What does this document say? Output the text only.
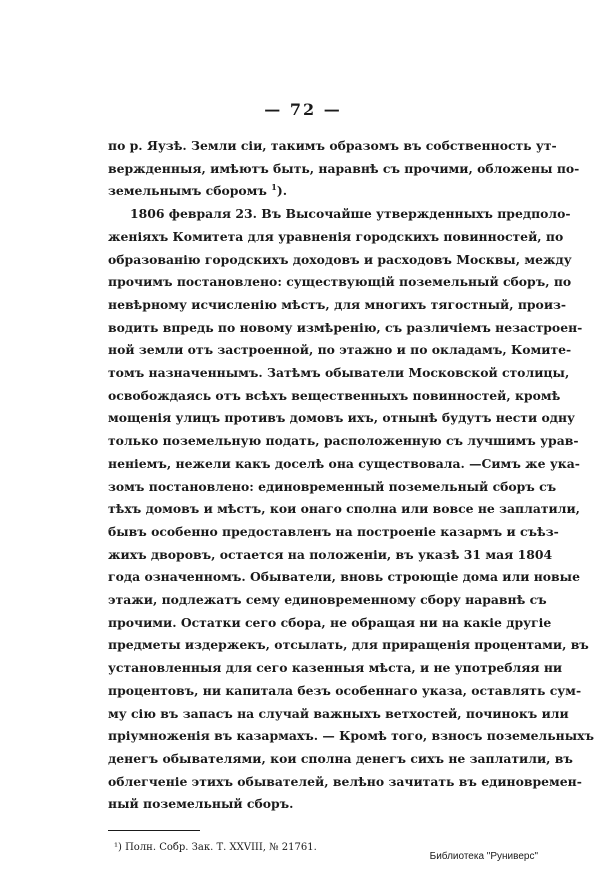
— 72 —
по р. Яузѣ. Земли сіи, такимъ образомъ въ собственность ут-
вержденныя, имѣютъ быть, наравнѣ съ прочими, обложены по-
земельнымъ сборомъ $^1$).
1806 февраля 23. Въ Высочайше утвержденныхъ предполо-
женіяхъ Комитета для уравненія городскихъ повинностей, по
образованію городскихъ доходовъ и расходовъ Москвы, между
прочимъ постановлено: существующій поземельный сборъ, по
невѣрному исчисленію мѣстъ, для многихъ тягостный, произ-
водить впредь по новому измѣренію, съ различіемъ незастроен-
ной земли отъ застроенной, по этажно и по окладамъ, Комите-
томъ назначеннымъ. Затѣмъ обыватели Московской столицы,
освобождаясь отъ всѣхъ вещественныхъ повинностей, кромѣ
мощенія улицъ противъ домовъ ихъ, отнынѣ будутъ нести одну
только поземельную подать, расположенную съ лучшимъ урав-
неніемъ, нежели какъ доселѣ она существовала. —Симъ же ука-
зомъ постановлено: единовременный поземельный сборъ съ
тѣхъ домовъ и мѣстъ, кои онаго сполна или вовсе не заплатили,
бывъ особенно предоставленъ на построеніе казармъ и съѣз-
жихъ дворовъ, остается на положеніи, въ указѣ 31 мая 1804
года означенномъ. Обыватели, вновь строющіе дома или новые
этажи, подлежатъ сему единовременному сбору наравнѣ съ
прочими. Остатки сего сбора, не обращая ни на какіе другіе
предметы издержекъ, отсылать, для приращенія процентами, въ
установленныя для сего казенныя мѣста, и не употребляя ни
процентовъ, ни капитала безъ особеннаго указа, оставлять сум-
му сію въ запасъ на случай важныхъ ветхостей, починокъ или
пріумноженія въ казармахъ. — Кромѣ того, взносъ поземельныхъ
денегъ обывателями, кои сполна денегъ сихъ не заплатили, въ
облегченіе этихъ обывателей, велѣно зачитать въ единовремен-
ный поземельный сборъ.
¹) Полн. Собр. Зак. Т. XXVIII, № 21761.
Библиотека "Руниверс"
